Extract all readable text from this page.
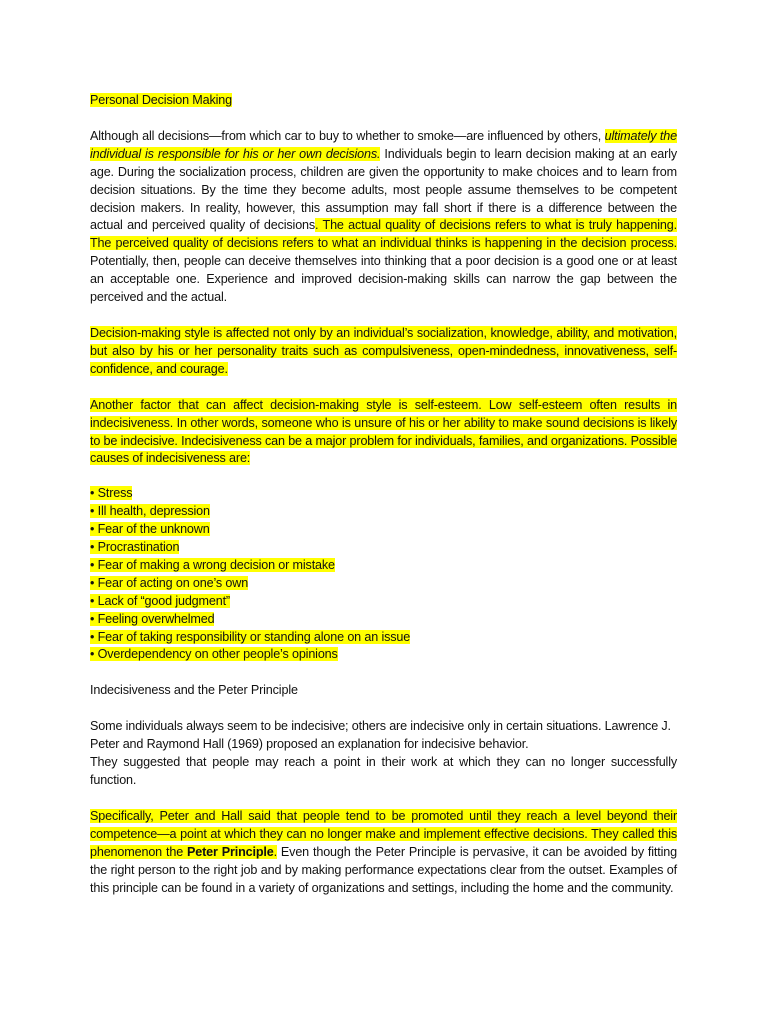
Personal Decision Making

Although all decisions—from which car to buy to whether to smoke—are influenced by others, ultimately the individual is responsible for his or her own decisions. Individuals begin to learn decision making at an early age. During the socialization process, children are given the opportunity to make choices and to learn from decision situations. By the time they become adults, most people assume themselves to be competent decision makers. In reality, however, this assumption may fall short if there is a difference between the actual and perceived quality of decisions. The actual quality of decisions refers to what is truly happening. The perceived quality of decisions refers to what an individual thinks is happening in the decision process. Potentially, then, people can deceive themselves into thinking that a poor decision is a good one or at least an acceptable one. Experience and improved decision-making skills can narrow the gap between the perceived and the actual.

Decision-making style is affected not only by an individual’s socialization, knowledge, ability, and motivation, but also by his or her personality traits such as compulsiveness, open-mindedness, innovativeness, self-confidence, and courage.

Another factor that can affect decision-making style is self-esteem. Low self-esteem often results in indecisiveness. In other words, someone who is unsure of his or her ability to make sound decisions is likely to be indecisive. Indecisiveness can be a major problem for individuals, families, and organizations. Possible causes of indecisiveness are:

• Stress
• Ill health, depression
• Fear of the unknown
• Procrastination
• Fear of making a wrong decision or mistake
• Fear of acting on one’s own
• Lack of “good judgment”
• Feeling overwhelmed
• Fear of taking responsibility or standing alone on an issue
• Overdependency on other people’s opinions
Indecisiveness and the Peter Principle

Some individuals always seem to be indecisive; others are indecisive only in certain situations. Lawrence J. Peter and Raymond Hall (1969) proposed an explanation for indecisive behavior.

They suggested that people may reach a point in their work at which they can no longer successfully function.

Specifically, Peter and Hall said that people tend to be promoted until they reach a level beyond their competence—a point at which they can no longer make and implement effective decisions. They called this phenomenon the Peter Principle. Even though the Peter Principle is pervasive, it can be avoided by fitting the right person to the right job and by making performance expectations clear from the outset. Examples of this principle can be found in a variety of organizations and settings, including the home and the community.
